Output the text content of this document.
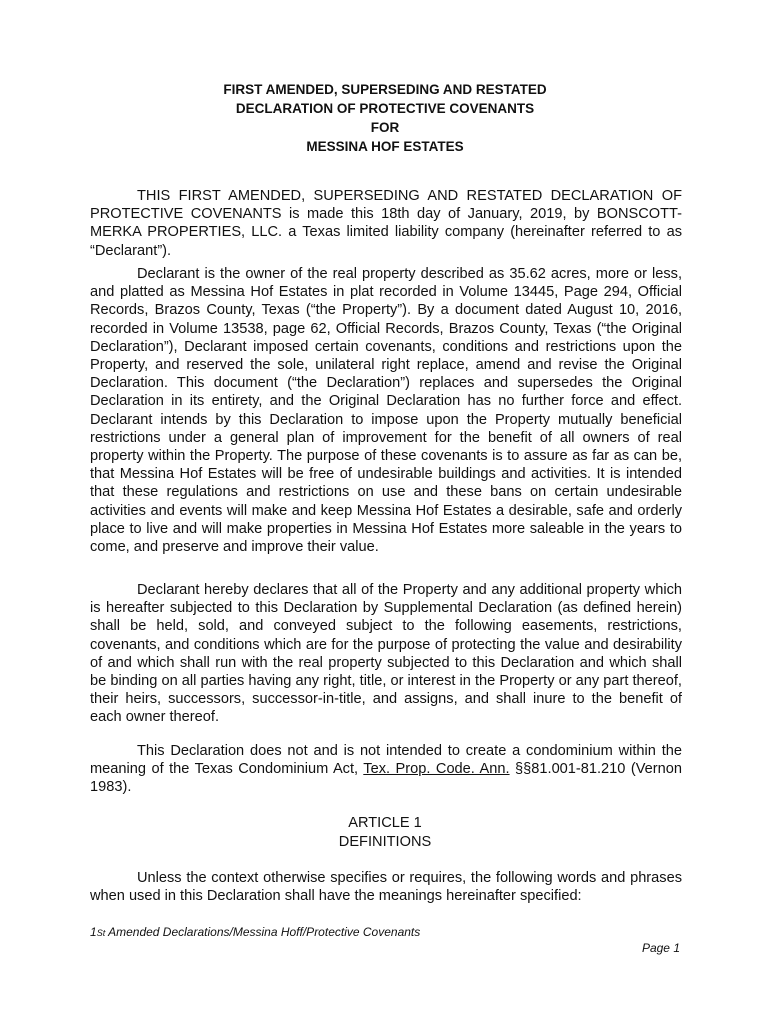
FIRST AMENDED, SUPERSEDING AND RESTATED
DECLARATION OF PROTECTIVE COVENANTS
FOR
MESSINA HOF ESTATES

THIS FIRST AMENDED, SUPERSEDING AND RESTATED DECLARATION OF PROTECTIVE COVENANTS is made this 18th day of January, 2019, by BONSCOTT-MERKA PROPERTIES, LLC. a Texas limited liability company (hereinafter referred to as “Declarant”).

Declarant is the owner of the real property described as 35.62 acres, more or less, and platted as Messina Hof Estates in plat recorded in Volume 13445, Page 294, Official Records, Brazos County, Texas (“the Property”). By a document dated August 10, 2016, recorded in Volume 13538, page 62, Official Records, Brazos County, Texas (“the Original Declaration”), Declarant imposed certain covenants, conditions and restrictions upon the Property, and reserved the sole, unilateral right replace, amend and revise the Original Declaration. This document (“the Declaration”) replaces and supersedes the Original Declaration in its entirety, and the Original Declaration has no further force and effect. Declarant intends by this Declaration to impose upon the Property mutually beneficial restrictions under a general plan of improvement for the benefit of all owners of real property within the Property. The purpose of these covenants is to assure as far as can be, that Messina Hof Estates will be free of undesirable buildings and activities. It is intended that these regulations and restrictions on use and these bans on certain undesirable activities and events will make and keep Messina Hof Estates a desirable, safe and orderly place to live and will make properties in Messina Hof Estates more saleable in the years to come, and preserve and improve their value.

Declarant hereby declares that all of the Property and any additional property which is hereafter subjected to this Declaration by Supplemental Declaration (as defined herein) shall be held, sold, and conveyed subject to the following easements, restrictions, covenants, and conditions which are for the purpose of protecting the value and desirability of and which shall run with the real property subjected to this Declaration and which shall be binding on all parties having any right, title, or interest in the Property or any part thereof, their heirs, successors, successor-in-title, and assigns, and shall inure to the benefit of each owner thereof.

This Declaration does not and is not intended to create a condominium within the meaning of the Texas Condominium Act, Tex. Prop. Code. Ann. §§81.001-81.210 (Vernon 1983).

ARTICLE 1
DEFINITIONS

Unless the context otherwise specifies or requires, the following words and phrases when used in this Declaration shall have the meanings hereinafter specified:

1St Amended Declarations/Messina Hoff/Protective Covenants
Page 1
